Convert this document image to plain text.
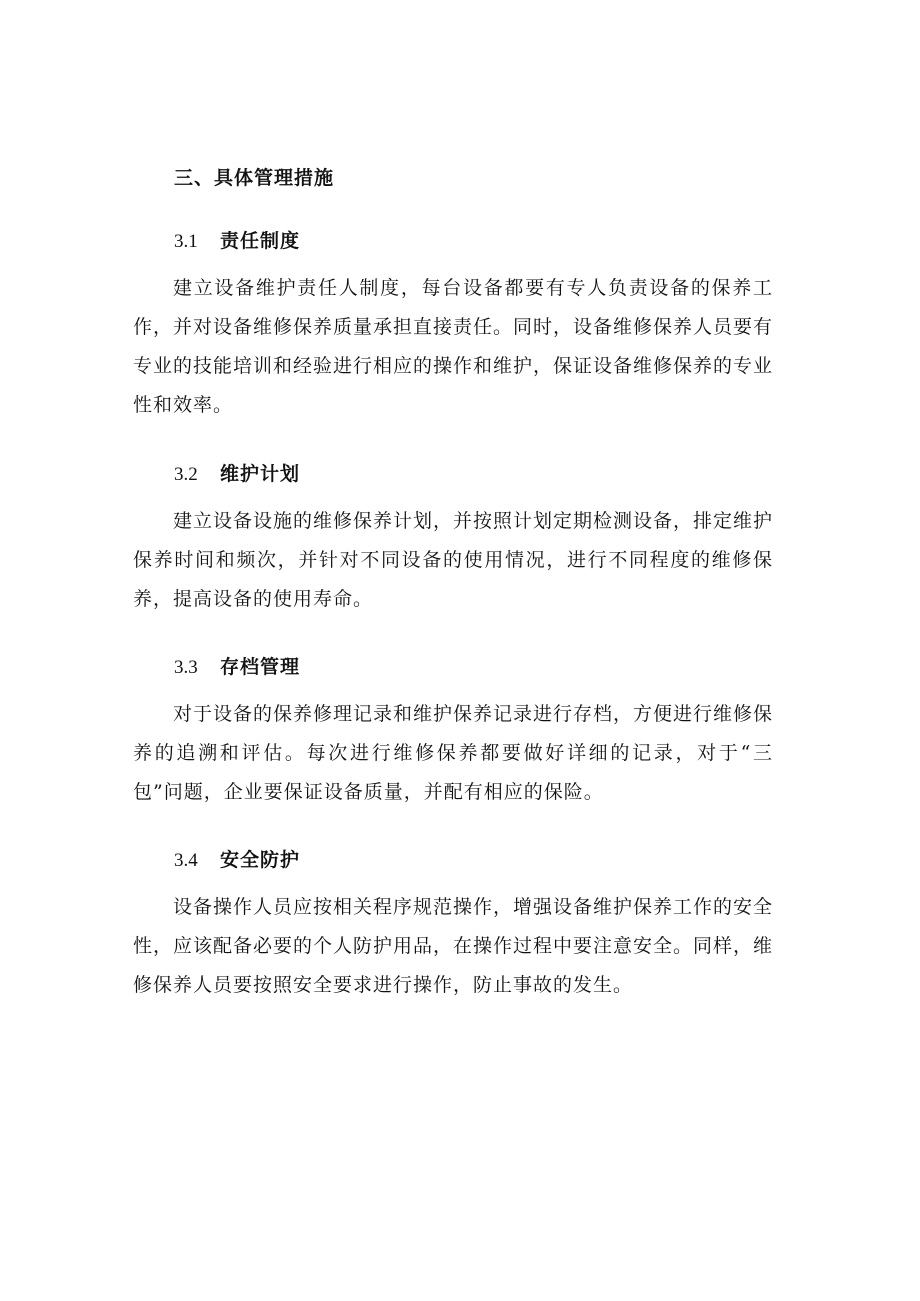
三、具体管理措施
3.1 责任制度

建立设备维护责任人制度，每台设备都要有专人负责设备的保养工作，并对设备维修保养质量承担直接责任。同时，设备维修保养人员要有专业的技能培训和经验进行相应的操作和维护，保证设备维修保养的专业性和效率。

3.2 维护计划

建立设备设施的维修保养计划，并按照计划定期检测设备，排定维护保养时间和频次，并针对不同设备的使用情况，进行不同程度的维修保养，提高设备的使用寿命。

3.3 存档管理

对于设备的保养修理记录和维护保养记录进行存档，方便进行维修保养的追溯和评估。每次进行维修保养都要做好详细的记录，对于“三包”问题，企业要保证设备质量，并配有相应的保险。

3.4 安全防护

设备操作人员应按相关程序规范操作，增强设备维护保养工作的安全性，应该配备必要的个人防护用品，在操作过程中要注意安全。同样，维修保养人员要按照安全要求进行操作，防止事故的发生。
